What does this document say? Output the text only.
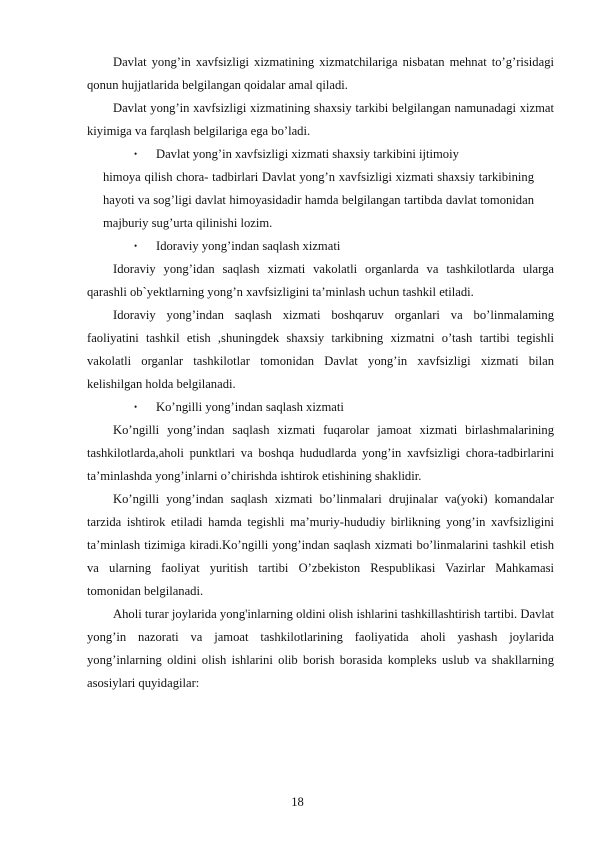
Davlat yong’in xavfsizligi xizmatining xizmatchilariga nisbatan mehnat to’g’risidagi qonun hujjatlarida belgilangan qoidalar amal qiladi.

Davlat yong’in xavfsizligi xizmatining shaxsiy tarkibi belgilangan namunadagi xizmat kiyimiga va farqlash belgilariga ega bo’ladi.

• Davlat yong’in xavfsizligi xizmati shaxsiy tarkibini ijtimoiy

himoya qilish chora- tadbirlari Davlat yong’n xavfsizligi xizmati shaxsiy tarkibining hayoti va sog’ligi davlat himoyasidadir hamda belgilangan tartibda davlat tomonidan majburiy sug’urta qilinishi lozim.

• Idoraviy yong’indan saqlash xizmati

Idoraviy yong’idan saqlash xizmati vakolatli organlarda va tashkilotlarda ularga qarashli ob`yektlarning yong’n xavfsizligini ta’minlash uchun tashkil etiladi.

Idoraviy yong’indan saqlash xizmati boshqaruv organlari va bo’linmalaming faoliyatini tashkil etish ,shuningdek shaxsiy tarkibning xizmatni o’tash tartibi tegishli vakolatli organlar tashkilotlar tomonidan Davlat yong’in xavfsizligi xizmati bilan kelishilgan holda belgilanadi.

• Ko’ngilli yong’indan saqlash xizmati

Ko’ngilli yong’indan saqlash xizmati fuqarolar jamoat xizmati birlashmalarining tashkilotlarda,aholi punktlari va boshqa hududlarda yong’in xavfsizligi chora-tadbirlarini ta’minlashda yong’inlarni o’chirishda ishtirok etishining shaklidir.

Ko’ngilli yong’indan saqlash xizmati bo’linmalari drujinalar va(yoki) komandalar tarzida ishtirok etiladi hamda tegishli ma’muriy-hududiy birlikning yong’in xavfsizligini ta’minlash tizimiga kiradi.Ko’ngilli yong’indan saqlash xizmati bo’linmalarini tashkil etish va ularning faoliyat yuritish tartibi O’zbekiston Respublikasi Vazirlar Mahkamasi tomonidan belgilanadi.

Aholi turar joylarida yong'inlarning oldini olish ishlarini tashkillashtirish tartibi. Davlat yong’in nazorati va jamoat tashkilotlarining faoliyatida aholi yashash joylarida yong’inlarning oldini olish ishlarini olib borish borasida kompleks uslub va shakllarning asosiylari quyidagilar:

18
